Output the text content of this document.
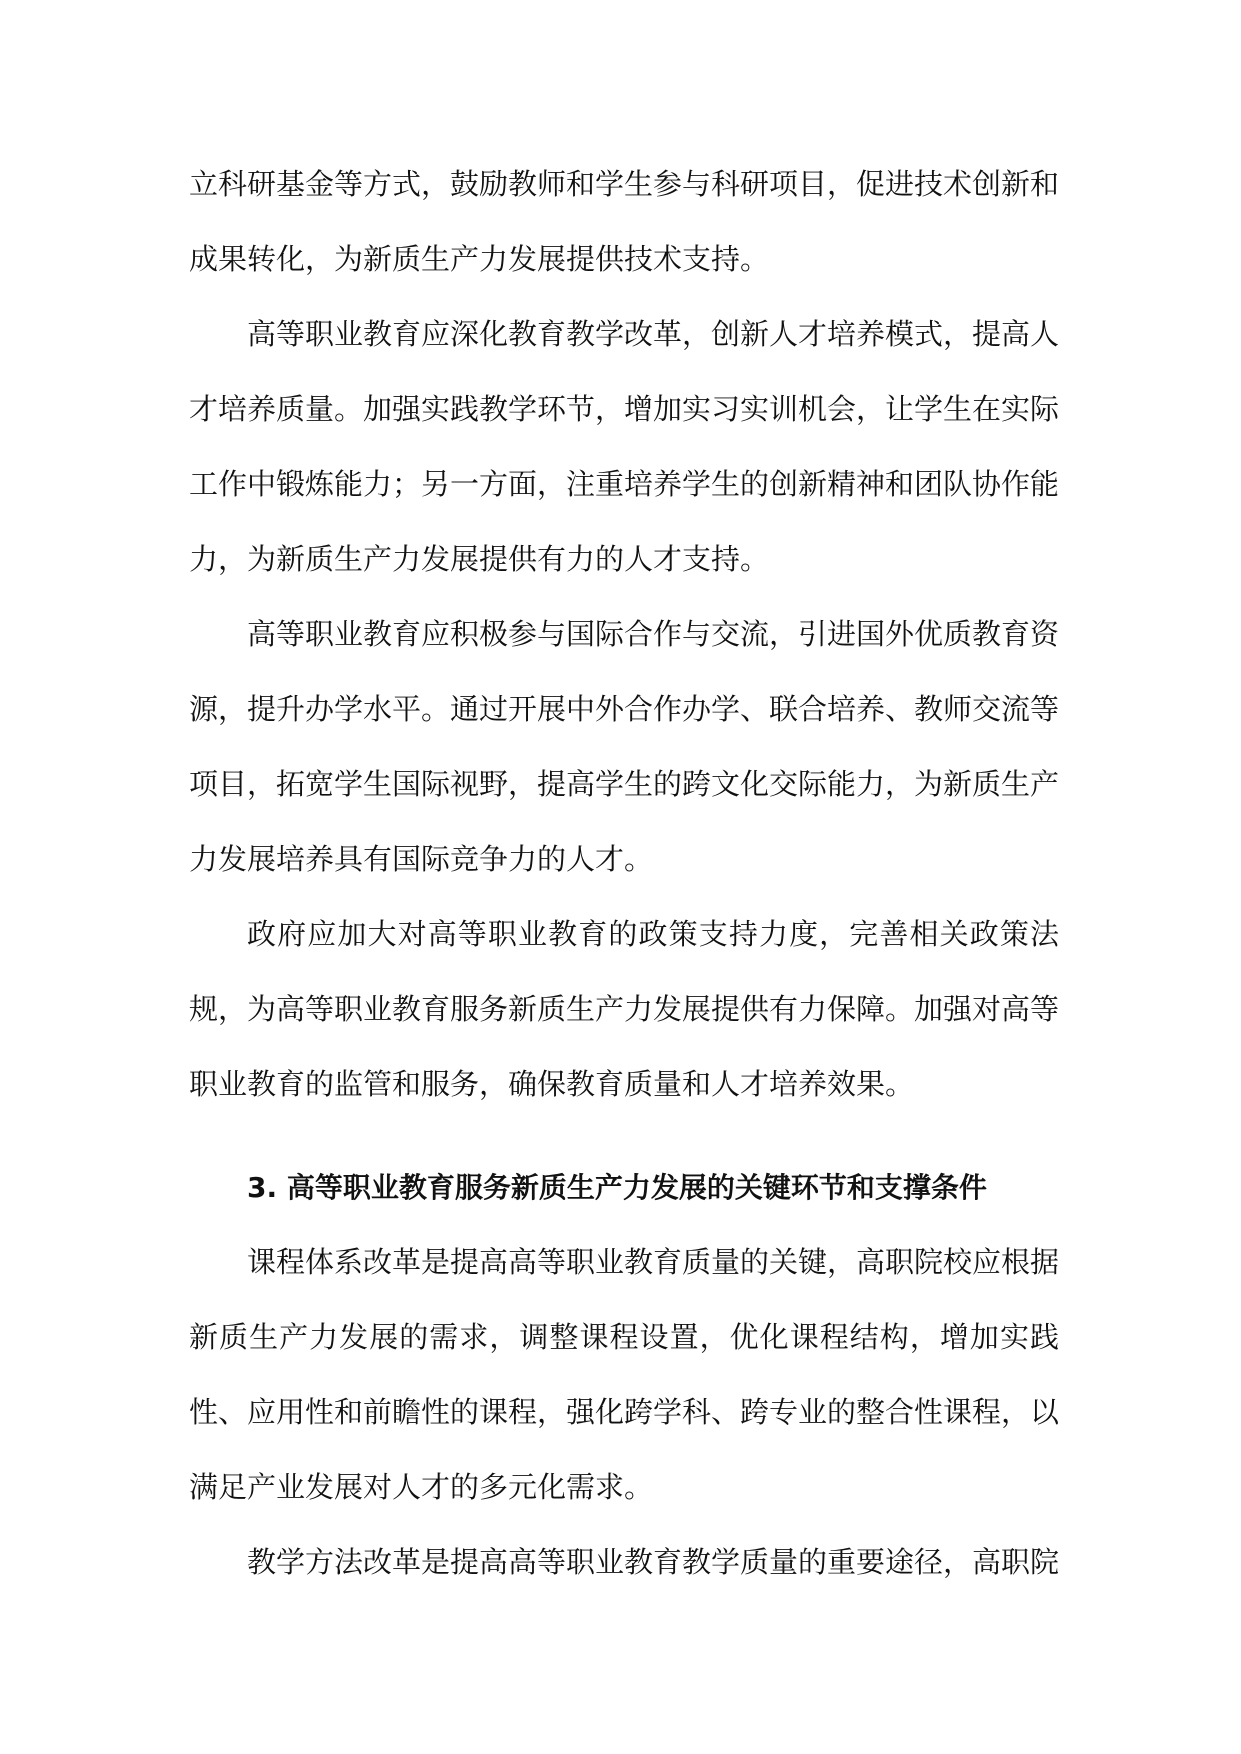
立科研基金等方式，鼓励教师和学生参与科研项目，促进技术创新和成果转化，为新质生产力发展提供技术支持。

高等职业教育应深化教育教学改革，创新人才培养模式，提高人才培养质量。加强实践教学环节，增加实习实训机会，让学生在实际工作中锻炼能力；另一方面，注重培养学生的创新精神和团队协作能力，为新质生产力发展提供有力的人才支持。

高等职业教育应积极参与国际合作与交流，引进国外优质教育资源，提升办学水平。通过开展中外合作办学、联合培养、教师交流等项目，拓宽学生国际视野，提高学生的跨文化交际能力，为新质生产力发展培养具有国际竞争力的人才。

政府应加大对高等职业教育的政策支持力度，完善相关政策法规，为高等职业教育服务新质生产力发展提供有力保障。加强对高等职业教育的监管和服务，确保教育质量和人才培养效果。

3. 高等职业教育服务新质生产力发展的关键环节和支撑条件

课程体系改革是提高高等职业教育质量的关键，高职院校应根据新质生产力发展的需求，调整课程设置，优化课程结构，增加实践性、应用性和前瞻性的课程，强化跨学科、跨专业的整合性课程，以满足产业发展对人才的多元化需求。

教学方法改革是提高高等职业教育教学质量的重要途径，高职院
